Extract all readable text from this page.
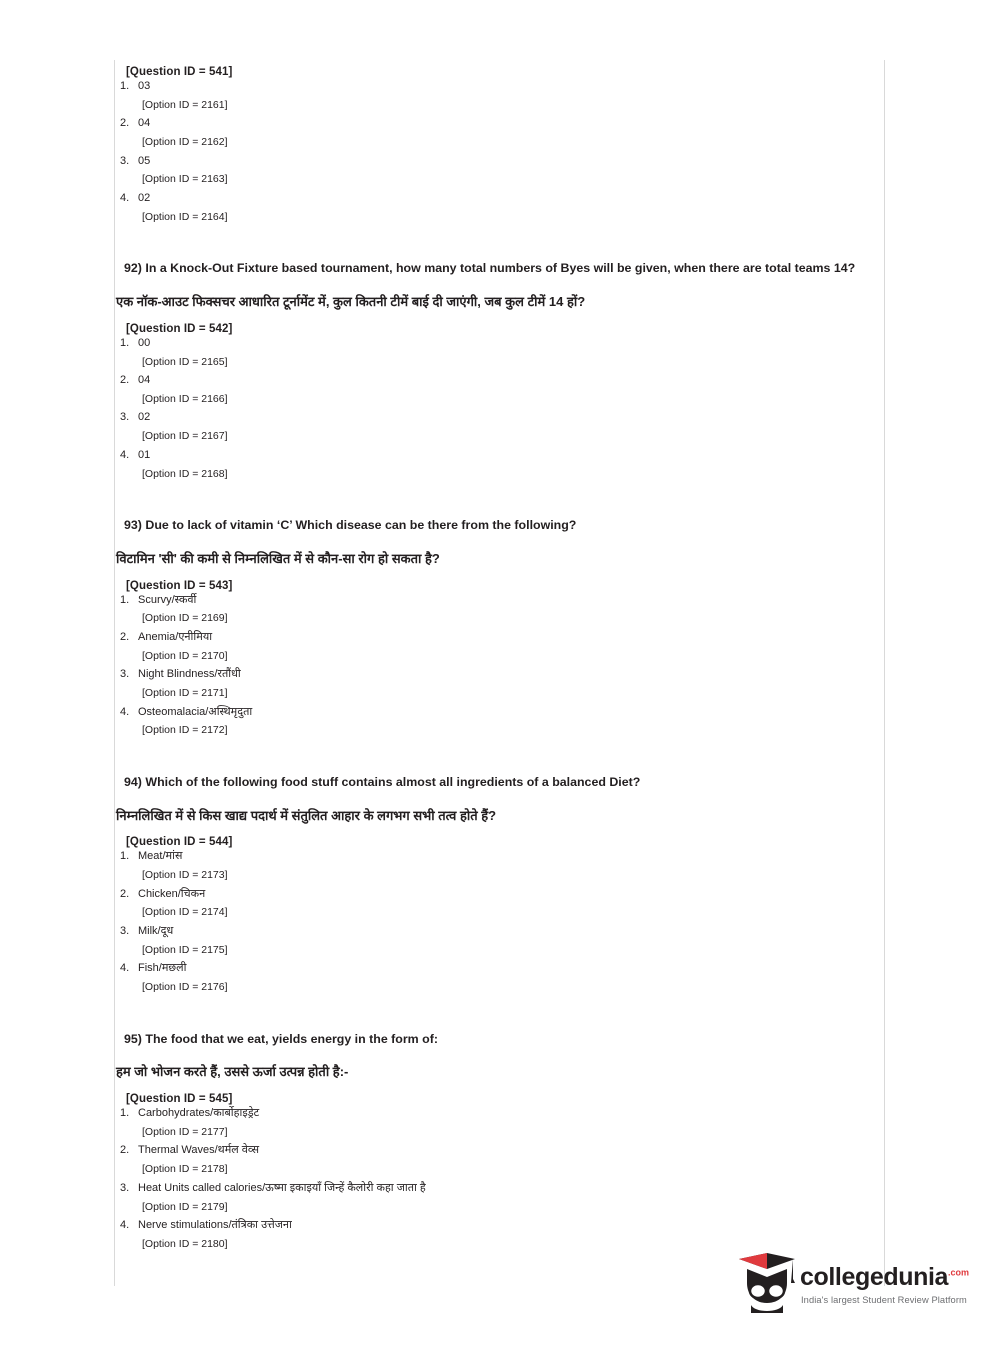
[Question ID = 541]
1. 03
[Option ID = 2161]
2. 04
[Option ID = 2162]
3. 05
[Option ID = 2163]
4. 02
[Option ID = 2164]
92) In a Knock-Out Fixture based tournament, how many total numbers of Byes will be given, when there are total teams 14?
एक नॉक-आउट फिक्सचर आधारित टूर्नामेंट में, कुल कितनी टीमें बाई दी जाएंगी, जब कुल टीमें 14 हों?
[Question ID = 542]
1. 00
[Option ID = 2165]
2. 04
[Option ID = 2166]
3. 02
[Option ID = 2167]
4. 01
[Option ID = 2168]
93) Due to lack of vitamin ‘C’ Which disease can be there from the following?
विटामिन 'सी' की कमी से निम्नलिखित में से कौन-सा रोग हो सकता है?
[Question ID = 543]
1. Scurvy/स्कर्वी
[Option ID = 2169]
2. Anemia/एनीमिया
[Option ID = 2170]
3. Night Blindness/रतौंधी
[Option ID = 2171]
4. Osteomalacia/अस्थिमृदुता
[Option ID = 2172]
94) Which of the following food stuff contains almost all ingredients of a balanced Diet?
निम्नलिखित में से किस खाद्य पदार्थ में संतुलित आहार के लगभग सभी तत्व होते हैं?
[Question ID = 544]
1. Meat/मांस
[Option ID = 2173]
2. Chicken/चिकन
[Option ID = 2174]
3. Milk/दूध
[Option ID = 2175]
4. Fish/मछली
[Option ID = 2176]
95) The food that we eat, yields energy in the form of:
हम जो भोजन करते हैं, उससे ऊर्जा उत्पन्न होती है:-
[Question ID = 545]
1. Carbohydrates/कार्बोहाइड्रेट
[Option ID = 2177]
2. Thermal Waves/थर्मल वेव्स
[Option ID = 2178]
3. Heat Units called calories/ऊष्मा इकाइयाँ जिन्हें कैलोरी कहा जाता है
[Option ID = 2179]
4. Nerve stimulations/तंत्रिका उत्तेजना
[Option ID = 2180]
collegedunia$^{.com}$
India's largest Student Review Platform
